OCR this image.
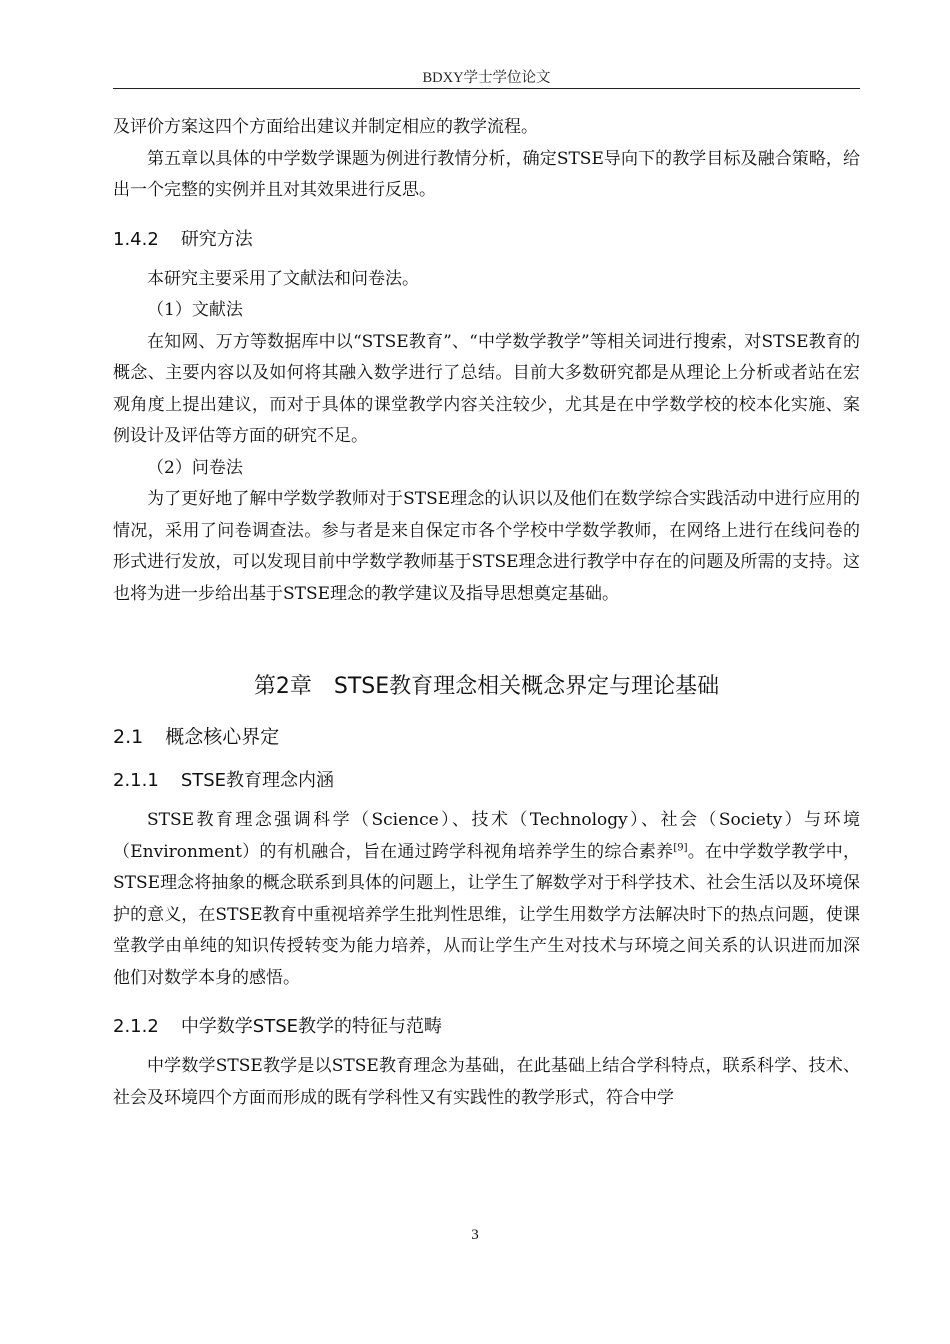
BDXY学士学位论文

及评价方案这四个方面给出建议并制定相应的教学流程。

第五章以具体的中学数学课题为例进行教情分析，确定STSE导向下的教学目标及融合策略，给出一个完整的实例并且对其效果进行反思。

1.4.2 研究方法

本研究主要采用了文献法和问卷法。

（1）文献法

在知网、万方等数据库中以“STSE教育”、“中学数学教学”等相关词进行搜索，对STSE教育的概念、主要内容以及如何将其融入数学进行了总结。目前大多数研究都是从理论上分析或者站在宏观角度上提出建议，而对于具体的课堂教学内容关注较少，尤其是在中学数学校的校本化实施、案例设计及评估等方面的研究不足。

（2）问卷法

为了更好地了解中学数学教师对于STSE理念的认识以及他们在数学综合实践活动中进行应用的情况，采用了问卷调查法。参与者是来自保定市各个学校中学数学教师，在网络上进行在线问卷的形式进行发放，可以发现目前中学数学教师基于STSE理念进行教学中存在的问题及所需的支持。这也将为进一步给出基于STSE理念的教学建议及指导思想奠定基础。

第2章 STSE教育理念相关概念界定与理论基础
2.1 概念核心界定
2.1.1 STSE教育理念内涵

STSE教育理念强调科学（Science）、技术（Technology）、社会（Society）与环境（Environment）的有机融合，旨在通过跨学科视角培养学生的综合素养[9]。在中学数学教学中，STSE理念将抽象的概念联系到具体的问题上，让学生了解数学对于科学技术、社会生活以及环境保护的意义，在STSE教育中重视培养学生批判性思维，让学生用数学方法解决时下的热点问题，使课堂教学由单纯的知识传授转变为能力培养，从而让学生产生对技术与环境之间关系的认识进而加深他们对数学本身的感悟。

2.1.2 中学数学STSE教学的特征与范畴

中学数学STSE教学是以STSE教育理念为基础，在此基础上结合学科特点，联系科学、技术、社会及环境四个方面而形成的既有学科性又有实践性的教学形式，符合中学

3
